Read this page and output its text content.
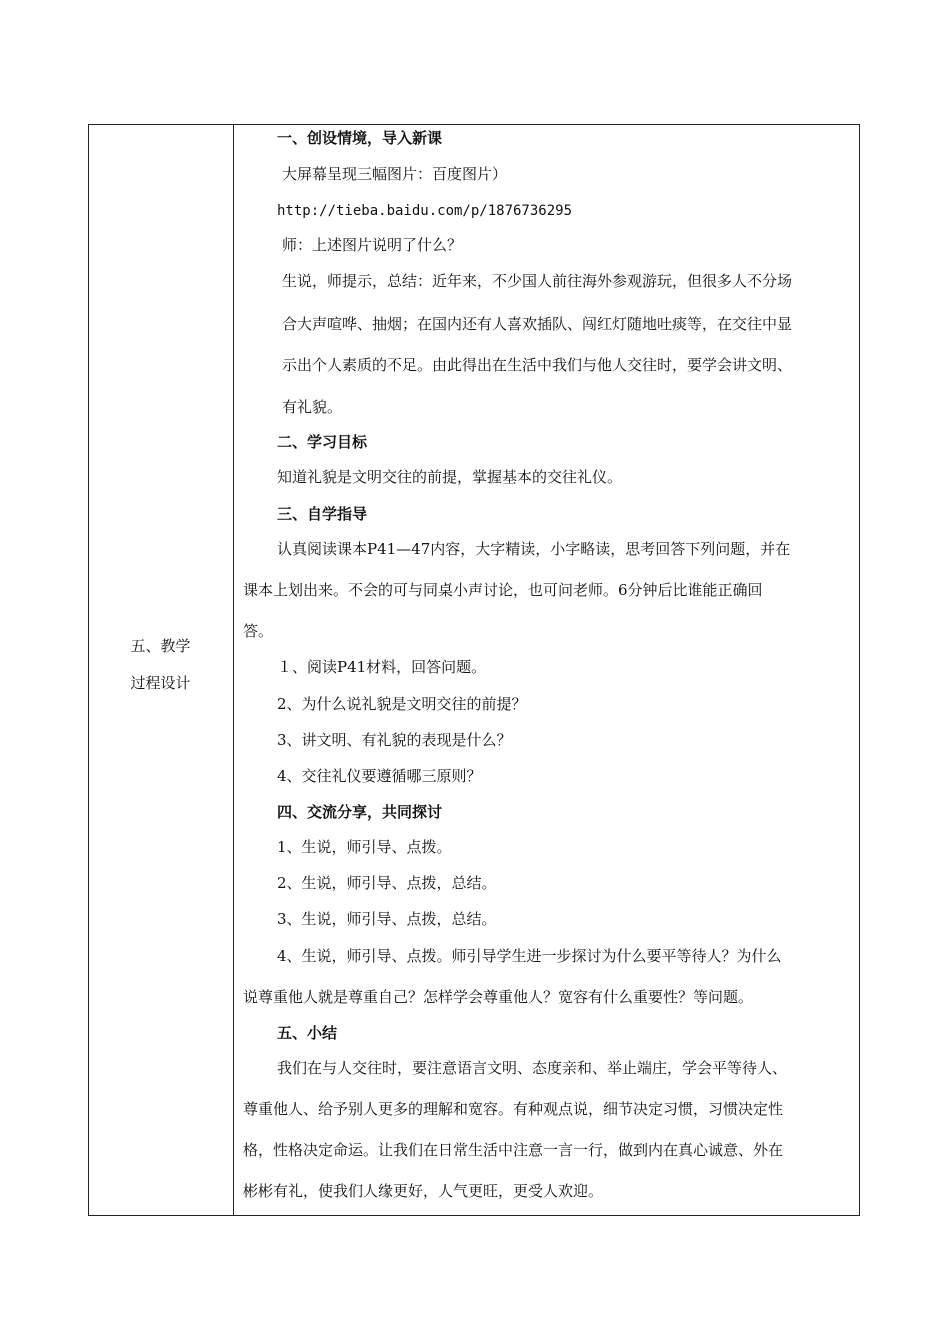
五、教学
过程设计
一、创设情境，导入新课
大屏幕呈现三幅图片：百度图片）
http://tieba.baidu.com/p/1876736295
师：上述图片说明了什么？
生说，师提示，总结：近年来，不少国人前往海外参观游玩，但很多人不分场
合大声喧哗、抽烟；在国内还有人喜欢插队、闯红灯随地吐痰等，在交往中显
示出个人素质的不足。由此得出在生活中我们与他人交往时，要学会讲文明、
有礼貌。
二、学习目标
知道礼貌是文明交往的前提，掌握基本的交往礼仪。
三、自学指导
认真阅读课本P41—47内容，大字精读，小字略读，思考回答下列问题，并在
课本上划出来。不会的可与同桌小声讨论，也可问老师。6分钟后比谁能正确回
答。
１、阅读P41材料，回答问题。
2、为什么说礼貌是文明交往的前提？
3、讲文明、有礼貌的表现是什么？
4、交往礼仪要遵循哪三原则？
四、交流分享，共同探讨
1、生说，师引导、点拨。
2、生说，师引导、点拨，总结。
3、生说，师引导、点拨，总结。
4、生说，师引导、点拨。师引导学生进一步探讨为什么要平等待人？为什么
说尊重他人就是尊重自己？怎样学会尊重他人？宽容有什么重要性？等问题。
五、小结
我们在与人交往时，要注意语言文明、态度亲和、举止端庄，学会平等待人、
尊重他人、给予别人更多的理解和宽容。有种观点说，细节决定习惯，习惯决定性
格，性格决定命运。让我们在日常生活中注意一言一行，做到内在真心诚意、外在
彬彬有礼，使我们人缘更好，人气更旺，更受人欢迎。
